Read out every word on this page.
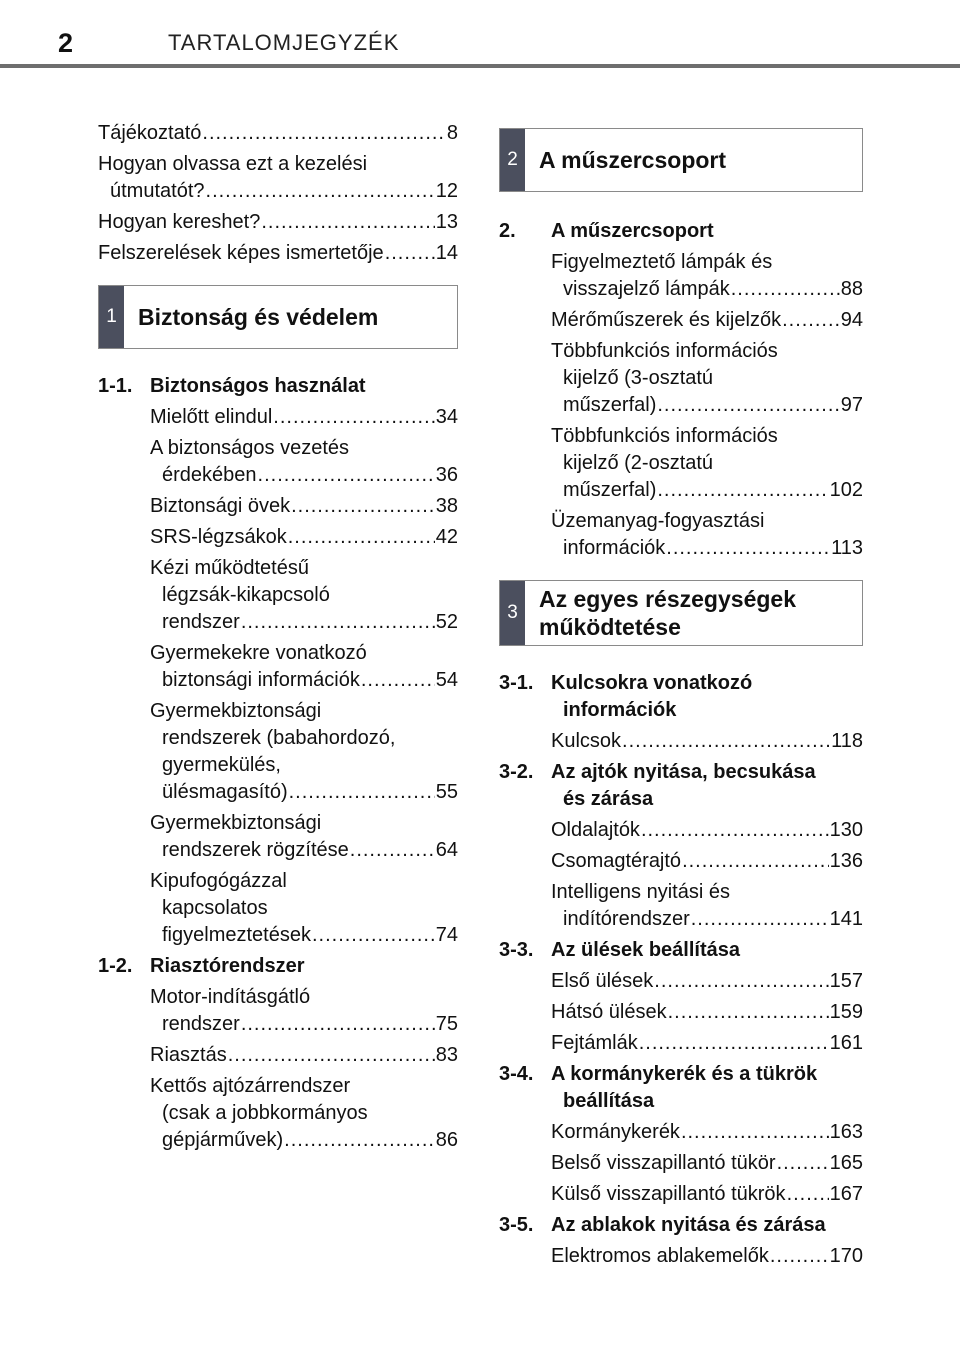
2	TARTALOMJEGYZÉK
Tájékoztató .....	8
Hogyan olvassa ezt a kezelési
útmutatót? .....	12
Hogyan kereshet? .....	13
Felszerelések képes ismertetője .....	14
1 Biztonság és védelem
1-1. Biztonságos használat
Mielőtt elindul .....	34
A biztonságos vezetés
érdekében .....	36
Biztonsági övek .....	38
SRS-légzsákok .....	42
Kézi működtetésű
légzsák-kikapcsoló
rendszer .....	52
Gyermekekre vonatkozó
biztonsági információk .....	54
Gyermekbiztonsági
rendszerek (babahordozó,
gyermekülés,
ülésmagasító) .....	55
Gyermekbiztonsági
rendszerek rögzítése .....	64
Kipufogógázzal
kapcsolatos
figyelmeztetések .....	74
1-2. Riasztórendszer
Motor-indításgátló
rendszer .....	75
Riasztás .....	83
Kettős ajtózárrendszer
(csak a jobbkormányos
gépjárművek) .....	86
2 A műszercsoport
2.	A műszercsoport
Figyelmeztető lámpák és
visszajelző lámpák .....	88
Mérőműszerek és kijelzők .....	94
Többfunkciós információs
kijelző (3-osztatú
műszerfal) .....	97
Többfunkciós információs
kijelző (2-osztatú
műszerfal) .....	102
Üzemanyag-fogyasztási
információk .....	113
3
Az egyes részegységek
működtetése
3-1. Kulcsokra vonatkozó
információk
Kulcsok .....	118
3-2. Az ajtók nyitása, becsukása
és zárása
Oldalajtók .....	130
Csomagtérajtó .....	136
Intelligens nyitási és
indítórendszer .....	141
3-3. Az ülések beállítása
Első ülések .....	157
Hátsó ülések .....	159
Fejtámlák .....	161
3-4. A kormánykerék és a tükrök
beállítása
Kormánykerék .....	163
Belső visszapillantó tükör .....	165
Külső visszapillantó tükrök ..... 167
3-5. Az ablakok nyitása és zárása
Elektromos ablakemelők .....	170
